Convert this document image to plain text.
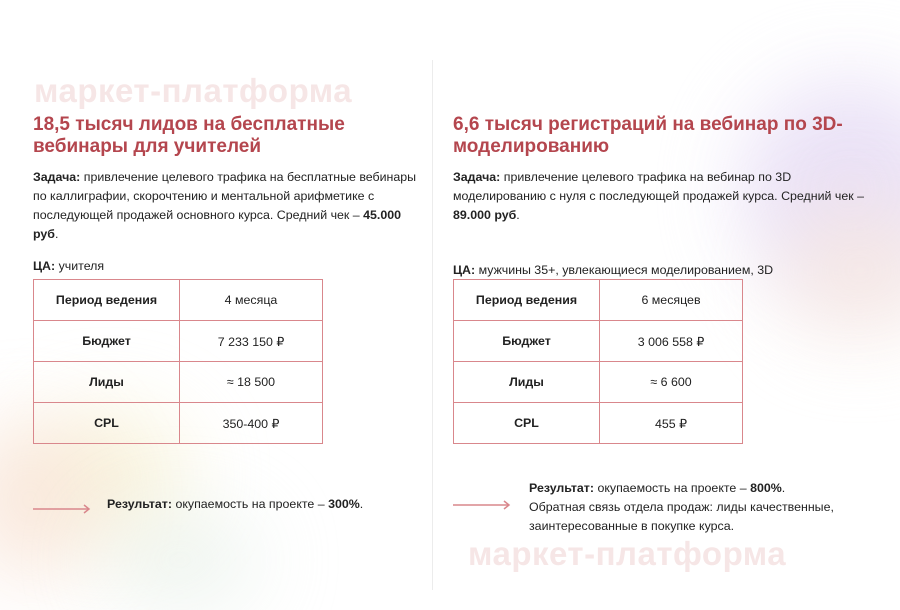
маркет-платформа
маркет-платформа
18,5 тысяч лидов на бесплатные вебинары для учителей

Задача: привлечение целевого трафика на бесплатные вебинары по каллиграфии, скорочтению и ментальной арифметике с последующей продажей основного курса. Средний чек – 45.000 руб.

ЦА: учителя

Период ведения	4 месяца
Бюджет	7 233 150 ₽
Лиды	≈ 18 500
CPL	350-400 ₽

Результат: окупаемость на проекте – 300%.

6,6 тысяч регистраций на вебинар по 3D-моделированию

Задача: привлечение целевого трафика на вебинар по 3D моделированию с нуля с последующей продажей курса. Средний чек – 89.000 руб.

ЦА: мужчины 35+, увлекающиеся моделированием, 3D

Период ведения	6 месяцев
Бюджет	3 006 558 ₽
Лиды	≈ 6 600
CPL	455 ₽
Результат: окупаемость на проекте – 800%.
Обратная связь отдела продаж: лиды качественные, заинтересованные в покупке курса.
